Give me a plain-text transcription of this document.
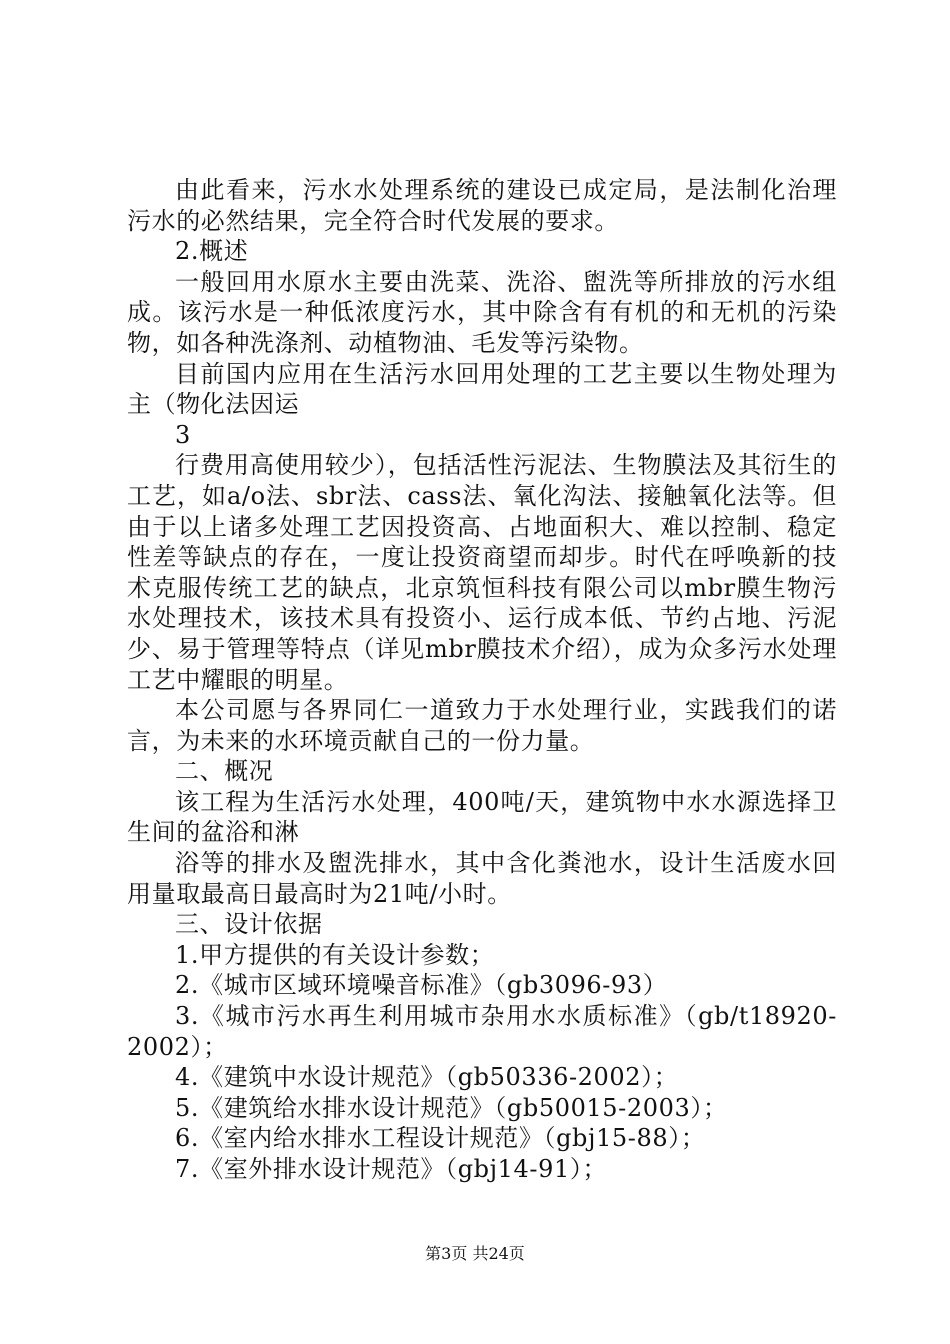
由此看来，污水水处理系统的建设已成定局，是法制化治理污水的必然结果，完全符合时代发展的要求。

2.概述

一般回用水原水主要由洗菜、洗浴、盥洗等所排放的污水组成。该污水是一种低浓度污水，其中除含有有机的和无机的污染物，如各种洗涤剂、动植物油、毛发等污染物。

目前国内应用在生活污水回用处理的工艺主要以生物处理为主（物化法因运

3

行费用高使用较少），包括活性污泥法、生物膜法及其衍生的工艺，如a/o法、sbr法、cass法、氧化沟法、接触氧化法等。但由于以上诸多处理工艺因投资高、占地面积大、难以控制、稳定性差等缺点的存在，一度让投资商望而却步。时代在呼唤新的技术克服传统工艺的缺点，北京筑恒科技有限公司以mbr膜生物污水处理技术，该技术具有投资小、运行成本低、节约占地、污泥少、易于管理等特点（详见mbr膜技术介绍），成为众多污水处理工艺中耀眼的明星。

本公司愿与各界同仁一道致力于水处理行业，实践我们的诺言，为未来的水环境贡献自己的一份力量。

二、概况

该工程为生活污水处理，400吨/天，建筑物中水水源选择卫生间的盆浴和淋

浴等的排水及盥洗排水，其中含化粪池水，设计生活废水回用量取最高日最高时为21吨/小时。

三、设计依据

1.甲方提供的有关设计参数；

2.《城市区域环境噪音标准》（gb3096-93）

3.《城市污水再生利用城市杂用水水质标准》（gb/t18920-2002）；

4.《建筑中水设计规范》（gb50336-2002）；

5.《建筑给水排水设计规范》（gb50015-2003）；

6.《室内给水排水工程设计规范》（gbj15-88）；

7.《室外排水设计规范》（gbj14-91）；

第3页 共24页
